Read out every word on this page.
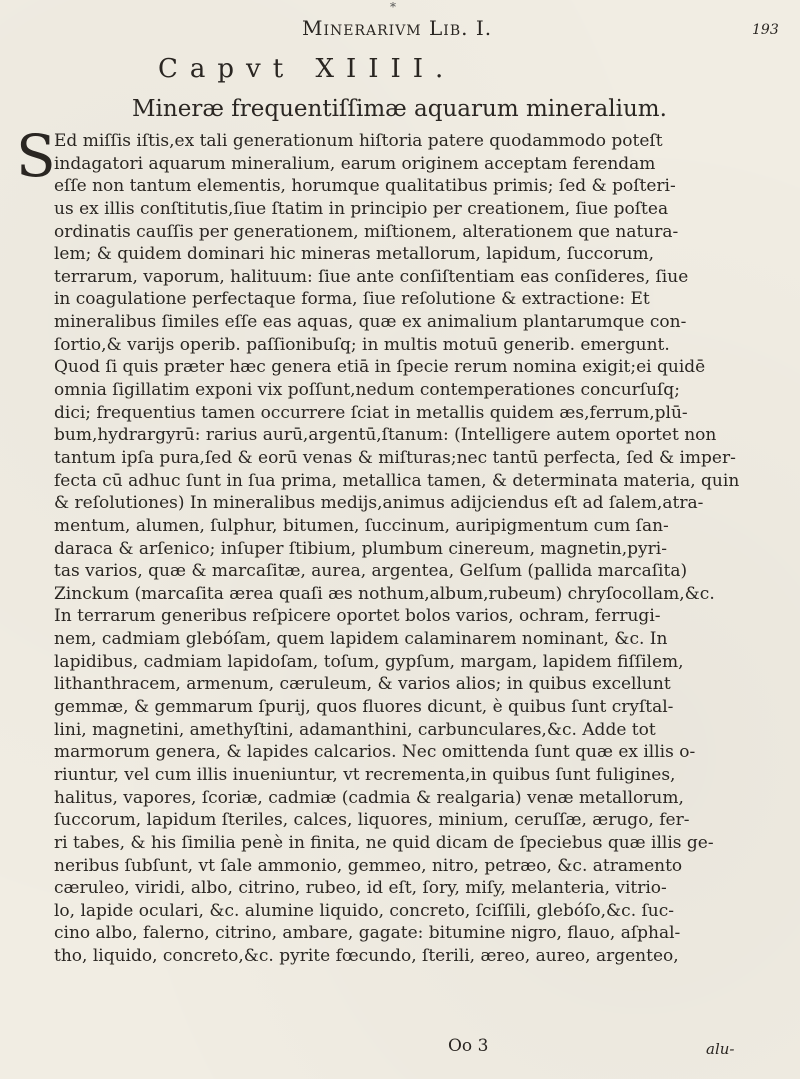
*
Minerarivm Lib. I.	193
Capvt XIIII.
Mineræ frequentiſſimæ aquarum mineralium.
S
Ed miſſis iſtis,ex tali generationum hiſtoria patere quodammodo poteſt
indagatori aquarum mineralium, earum originem acceptam ferendam
eſſe non tantum elementis, horumque qualitatibus primis; ſed & poſteri-
us ex illis conſtitutis,ſiue ſtatim in principio per creationem, ſiue poſtea
ordinatis cauſſis per generationem, miſtionem, alterationem que natura-
lem; & quidem dominari hic mineras metallorum, lapidum, ſuccorum,
terrarum, vaporum, halituum: ſiue ante conſiſtentiam eas conſideres, ſiue
in coagulatione perfectaque forma, ſiue reſolutione & extractione: Et
mineralibus ſimiles eſſe eas aquas, quæ ex animalium plantarumque con-
ſortio,& varijs operib. paſſionibuſq; in multis motuū generib. emergunt.
Quod ſi quis præter hæc genera etiā in ſpecie rerum nomina exigit;ei quidē
omnia ſigillatim exponi vix poſſunt,nedum contemperationes concurſuſq;
dici; frequentius tamen occurrere ſciat in metallis quidem æs,ferrum,plū-
bum,hydrargyrū: rarius aurū,argentū,ſtanum: (Intelligere autem oportet non
tantum ipſa pura,ſed & eorū venas & miſturas;nec tantū perfecta, ſed & imper-
fecta cū adhuc ſunt in ſua prima, metallica tamen, & determinata materia, quin
& reſolutiones) In mineralibus medijs,animus adijciendus eſt ad ſalem,atra-
mentum, alumen, ſulphur, bitumen, ſuccinum, auripigmentum cum ſan-
daraca & arſenico; inſuper ſtibium, plumbum cinereum, magnetin,pyri-
tas varios, quæ & marcaſitæ, aurea, argentea, Gelſum (pallida marcaſita)
Zinckum (marcaſita ærea quaſi æs nothum,album,rubeum) chryſocollam,&c.
In terrarum generibus reſpicere oportet bolos varios, ochram, ferrugi-
nem, cadmiam glebóſam, quem lapidem calaminarem nominant, &c. In
lapidibus, cadmiam lapidoſam, toſum, gypſum, margam, lapidem fiſſilem,
lithanthracem, armenum, cæruleum, & varios alios; in quibus excellunt
gemmæ, & gemmarum ſpurij, quos fluores dicunt, è quibus ſunt cryſtal-
lini, magnetini, amethyſtini, adamanthini, carbunculares,&c. Adde tot
marmorum genera, & lapides calcarios. Nec omittenda ſunt quæ ex illis o-
riuntur, vel cum illis inueniuntur, vt recrementa,in quibus ſunt fuligines,
halitus, vapores, ſcoriæ, cadmiæ (cadmia & realgaria) venæ metallorum,
ſuccorum, lapidum ſteriles, calces, liquores, minium, ceruſſæ, ærugo, fer-
ri tabes, & his ſimilia penè in finita, ne quid dicam de ſpeciebus quæ illis ge-
neribus ſubſunt, vt ſale ammonio, gemmeo, nitro, petræo, &c. atramento
cæruleo, viridi, albo, citrino, rubeo, id eſt, ſory, miſy, melanteria, vitrio-
lo, lapide oculari, &c. alumine liquido, concreto, ſciſſili, glebóſo,&c. ſuc-
cino albo, falerno, citrino, ambare, gagate: bitumine nigro, flauo, aſphal-
tho, liquido, concreto,&c. pyrite fœcundo, ſterili, æreo, aureo, argenteo,
Oo 3	alu-
